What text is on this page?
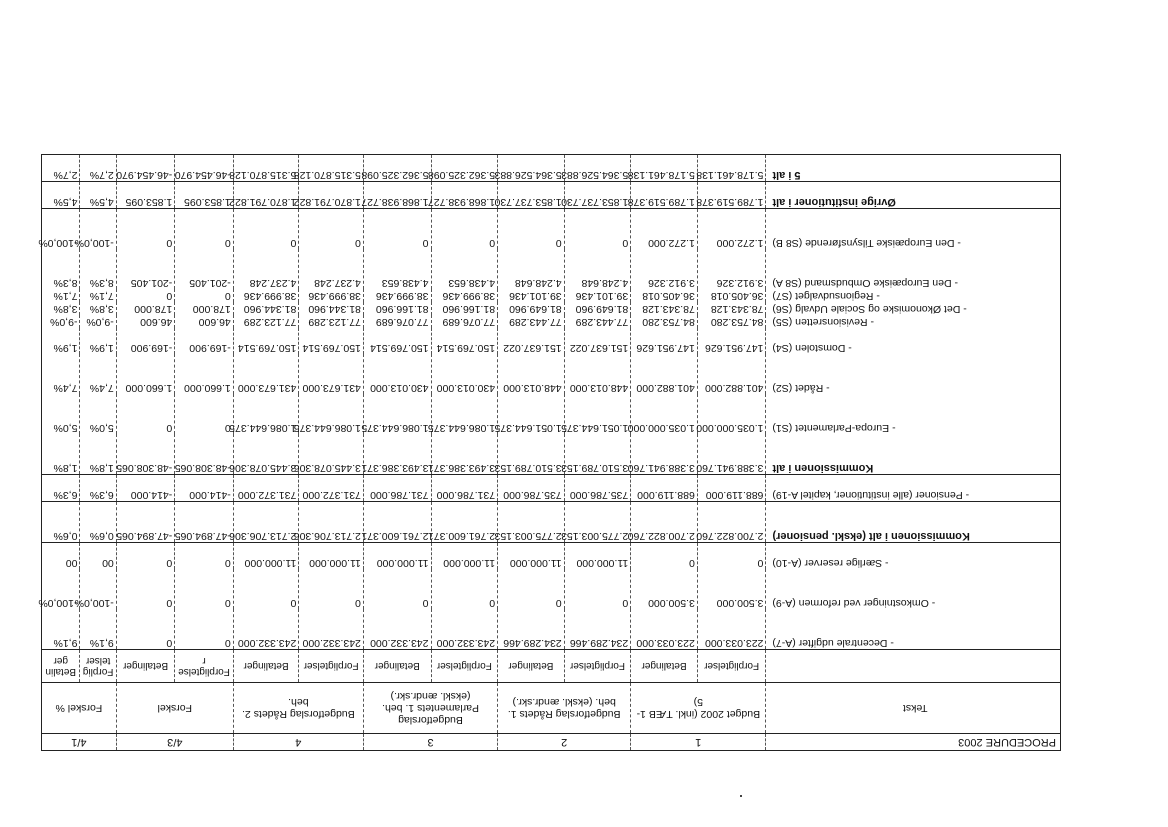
PROCEDURE 2003	1		2		3		4		4/3		4/1	
Tekst	Budget 2002 (inkl. TÆB 1-5)		Budgetforslag Rådets 1. beh. (ekskl. ændr.skr.)		Budgetforslag Parlamentets 1. beh. (ekskl. ændr.skr.)		Budgetforslag Rådets 2. beh.		Forskel		Forskel %	
	Forpligtelser	Betalinger	Forpligtelser	Betalinger	Forpligtelser	Betalinger	Forpligtelser	Betalinger	Forpligtelser	Betalinger	Forpligtelser	Betalinger
- Decentrale udgifter (A-7)	223.033.000	223.033.000	234.289.466	234.289.466	243.332.000	243.332.000	243.332.000	243.332.000	0	0	9,1%	9,1%
- Omkostninger ved reformen (A-9)	3.500.000	3.500.000	0	0	0	0	0	0	0	0	-100,0%	-100,0%
- Særlige reserver (A-10)	0	0	11.000.000	11.000.000	11.000.000	11.000.000	11.000.000	11.000.000	0	0	00	00
Kommissionen i alt (ekskl. pensioner)	2.700.822.760	2.700.822.760	2.775.003.153	2.775.003.153	2.761.600.371	2.761.600.371	2.713.706.306	2.713.706.306	-47.894.065	-47.894.065	0,6%	0,6%
- Pensioner (alle institutioner, kapitel A-19)	688.119.000	688.119.000	735.786.000	735.786.000	731.786.000	731.786.000	731.372.000	731.372.000	-414.000	-414.000	6,3%	6,3%
Kommissionen i alt	3.388.941.760	3.388.941.760	3.510.789.153	3.510.789.153	3.493.386.371	3.493.386.371	3.445.078.306	3.445.078.306	-48.308.065	-48.308.065	1,8%	1,8%
- Europa-Parlamentet (S1)	1.035.000.000	1.035.000.000	1.051.644.375	1.051.644.375	1.086.644.375	1.086.644.375	1.086.644.375	1.086.644.375	0	0	5,0%	5,0%
- Rådet (S2)	401.882.000	401.882.000	448.013.000	448.013.000	430.013.000	430.013.000	431.673.000	431.673.000	1.660.000	1.660.000	7,4%	7,4%
- Domstolen (S4)	147.951.626	147.951.626	151.637.022	151.637.022	150.769.514	150.769.514	150.769.514	150.769.514	-169.900	-169.900	1,9%	1,9%
- Revisionsretten (S5)	84.753.280	84.753.280	77.443.289	77.443.289	77.076.689	77.076.689	77.123.289	77.123.289	46.600	46.600	-9,0%	-9,0%
- Det Økonomiske og Sociale Udvalg (S6)	78.343.128	78.343.128	81.649.960	81.649.960	81.166.960	81.166.960	81.344.960	81.344.960	178.000	178.000	3,8%	3,8%
- Regionsudvalget (S7)	36.405.018	36.405.018	39.101.436	39.101.436	38.999.436	38.999.436	38.999.436	38.999.436	0	0	7,1%	7,1%
- Den Europæiske Ombudsmand (S8 A)	3.912.326	3.912.326	4.248.648	4.248.648	4.438.653	4.438.653	4.237.248	4.237.248	-201.405	-201.405	8,3%	8,3%
- Den Europæiske Tilsynsførende (S8 B)	1.272.000	1.272.000	0	0	0	0	0	0	0	0	-100,0%	-100,0%
Øvrige institutioner i alt	1.789.519.378	1.789.519.378	1.853.737.730	1.853.737.730	1.868.938.727	1.868.938.727	1.870.791.822	1.870.791.822	1.853.095	1.853.095	4,5%	4,5%
5 i alt	5.178.461.138	5.178.461.138	5.364.526.883	5.364.526.883	5.362.325.098	5.362.325.098	5.315.870.128	5.315.870.128	-46.454.970	-46.454.970	2,7%	2,7%
